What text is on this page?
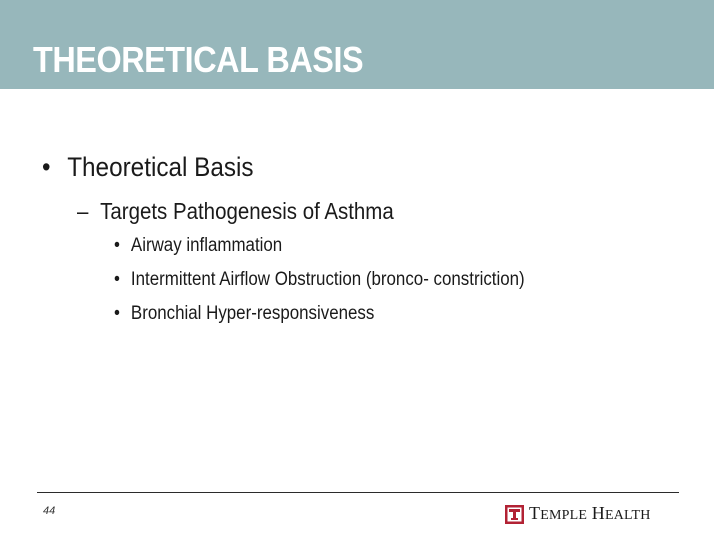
THEORETICAL BASIS
• Theoretical Basis
– Targets Pathogenesis of Asthma
• Airway inflammation
• Intermittent Airflow Obstruction (bronco- constriction)
• Bronchial Hyper-responsiveness
44	TEMPLE HEALTH
